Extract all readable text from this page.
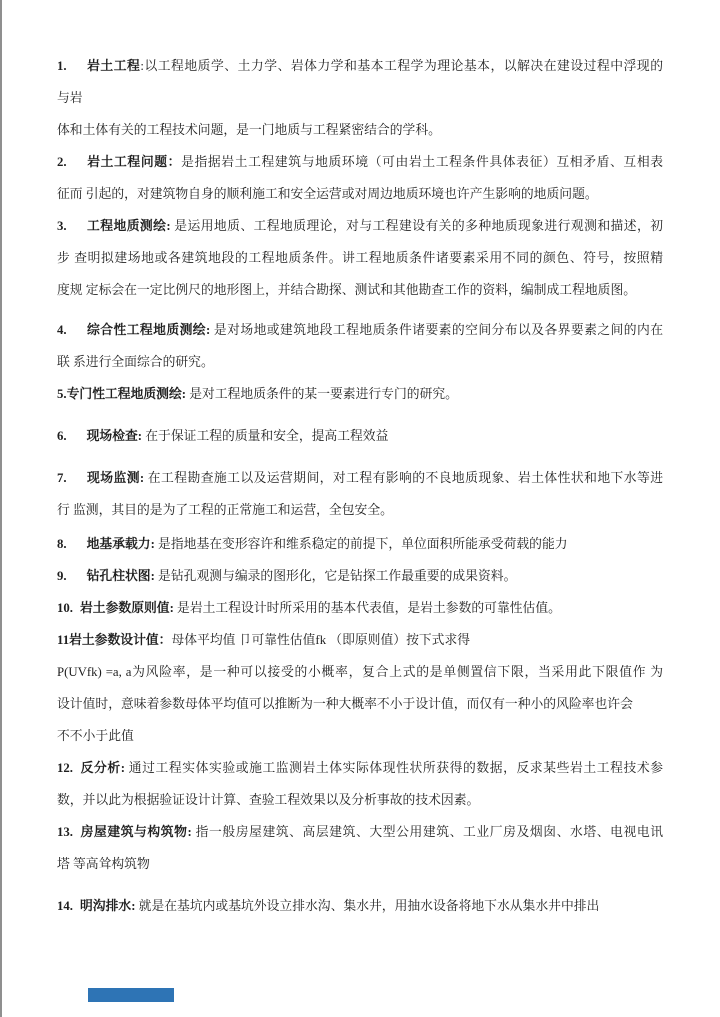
1. 岩土工程:以工程地质学、土力学、岩体力学和基本工程学为理论基本，以解决在建设过程中浮现的
与岩
体和土体有关的工程技术问题，是一门地质与工程紧密结合的学科。
2. 岩土工程问题：是指据岩土工程建筑与地质环境（可由岩土工程条件具体表征）互相矛盾、互相表
征而 引起的，对建筑物自身的顺利施工和安全运营或对周边地质环境也许产生影响的地质问题。
3. 工程地质测绘: 是运用地质、工程地质理论，对与工程建设有关的多种地质现象进行观测和描述，初
步 查明拟建场地或各建筑地段的工程地质条件。讲工程地质条件诸要素采用不同的颜色、符号，按照精
度规 定标会在一定比例尺的地形图上，并结合勘探、测试和其他勘查工作的资料，编制成工程地质图。
4. 综合性工程地质测绘: 是对场地或建筑地段工程地质条件诸要素的空间分布以及各界要素之间的内在
联 系进行全面综合的研究。
5.专门性工程地质测绘: 是对工程地质条件的某一要素进行专门的研究。
6. 现场检查: 在于保证工程的质量和安全，提高工程效益
7. 现场监测: 在工程勘查施工以及运营期间，对工程有影响的不良地质现象、岩土体性状和地下水等进
行 监测，其目的是为了工程的正常施工和运营，全包安全。
8. 地基承载力: 是指地基在变形容许和维系稳定的前提下，单位面积所能承受荷载的能力
9. 钻孔柱状图: 是钻孔观测与编录的图形化，它是钻探工作最重要的成果资料。
10. 岩土参数原则值: 是岩土工程设计时所采用的基本代表值，是岩土参数的可靠性估值。
11岩土参数设计值：母体平均值 卩可靠性估值fk （即原则值）按下式求得
P(UVfk) =a, a为风险率，是一种可以接受的小概率，复合上式的是单侧置信下限，当采用此下限值作 为
设计值时，意味着参数母体平均值可以推断为一种大概率不小于设计值，而仅有一种小的风险率也许会
不不小于此值
12. 反分析: 通过工程实体实验或施工监测岩土体实际体现性状所获得的数据，反求某些岩土工程技术参
数，并以此为根据验证设计计算、查验工程效果以及分析事故的技术因素。
13. 房屋建筑与构筑物: 指一般房屋建筑、高层建筑、大型公用建筑、工业厂房及烟囱、水塔、电视电讯
塔 等高耸构筑物
14. 明沟排水: 就是在基坑内或基坑外设立排水沟、集水井，用抽水设备将地下水从集水井中排出
